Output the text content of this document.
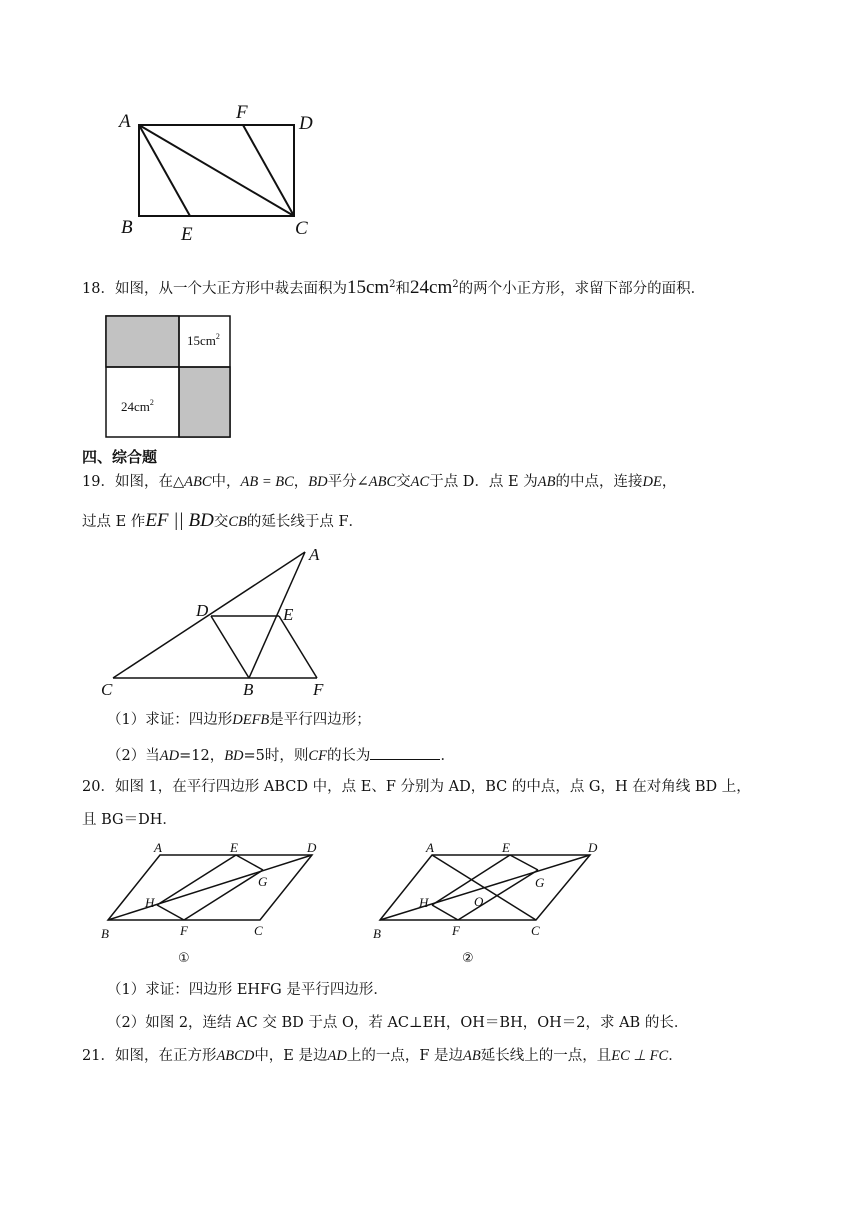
A	F
D
B	E	C
18．如图，从一个大正方形中裁去面积为$15cm^2$和$24cm^2$的两个小正方形，求留下部分的面积．
$15cm^2$
$24cm^2$
四、综合题
19．如图，在△ABC中，AB = BC，BD平分∠ABC交AC于点 D．点 E 为AB的中点，连接DE，
过点 E 作EF || BD交CB的延长线于点 F．
A
D	E
C	B	F
（1）求证：四边形DEFB是平行四边形；
（2）当AD=12，BD=5时，则CF的长为	．
20．如图 1，在平行四边形 ABCD 中，点 E、F 分别为 AD，BC 的中点，点 G，H 在对角线 BD 上，
且 BG＝DH．
A	E	D
G
H
B	F	C
①
A	E	D
G
H	O
B	F	C
②
（1）求证：四边形 EHFG 是平行四边形．
（2）如图 2，连结 AC 交 BD 于点 O，若 AC⊥EH，OH＝BH，OH＝2，求 AB 的长．
21．如图，在正方形ABCD中，E 是边AD上的一点，F 是边AB延长线上的一点，且EC ⊥ FC．
